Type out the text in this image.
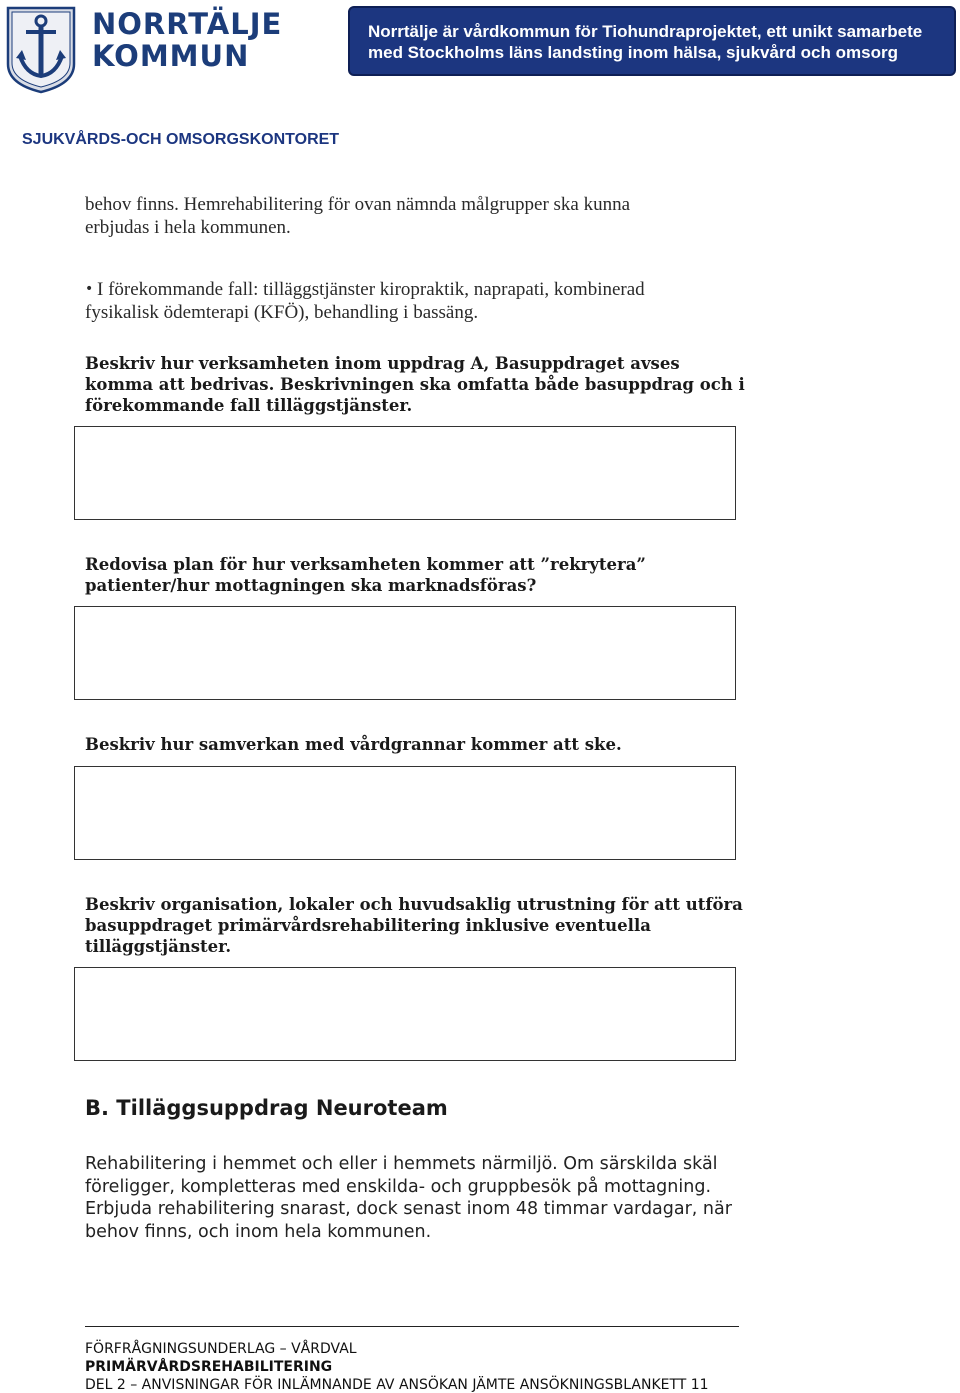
NORRTÄLJE
KOMMUN
Norrtälje är vårdkommun för Tiohundraprojektet, ett unikt samarbete
med Stockholms läns landsting inom hälsa, sjukvård och omsorg
SJUKVÅRDS-OCH OMSORGSKONTORET
behov finns. Hemrehabilitering för ovan nämnda målgrupper ska kunna
erbjudas i hela kommunen.
• I förekommande fall: tilläggstjänster kiropraktik, naprapati, kombinerad
fysikalisk ödemterapi (KFÖ), behandling i bassäng.
Beskriv hur verksamheten inom uppdrag A, Basuppdraget avses
komma att bedrivas. Beskrivningen ska omfatta både basuppdrag och i
förekommande fall tilläggstjänster.
Redovisa plan för hur verksamheten kommer att ”rekrytera”
patienter/hur mottagningen ska marknadsföras?
Beskriv hur samverkan med vårdgrannar kommer att ske.
Beskriv organisation, lokaler och huvudsaklig utrustning för att utföra
basuppdraget primärvårdsrehabilitering inklusive eventuella
tilläggstjänster.
B. Tilläggsuppdrag Neuroteam
Rehabilitering i hemmet och eller i hemmets närmiljö. Om särskilda skäl
föreligger, kompletteras med enskilda- och gruppbesök på mottagning.
Erbjuda rehabilitering snarast, dock senast inom 48 timmar vardagar, när
behov finns, och inom hela kommunen.
FÖRFRÅGNINGSUNDERLAG – VÅRDVAL
PRIMÄRVÅRDSREHABILITERING
DEL 2 – ANVISNINGAR FÖR INLÄMNANDE AV ANSÖKAN JÄMTE ANSÖKNINGSBLANKETT 11
